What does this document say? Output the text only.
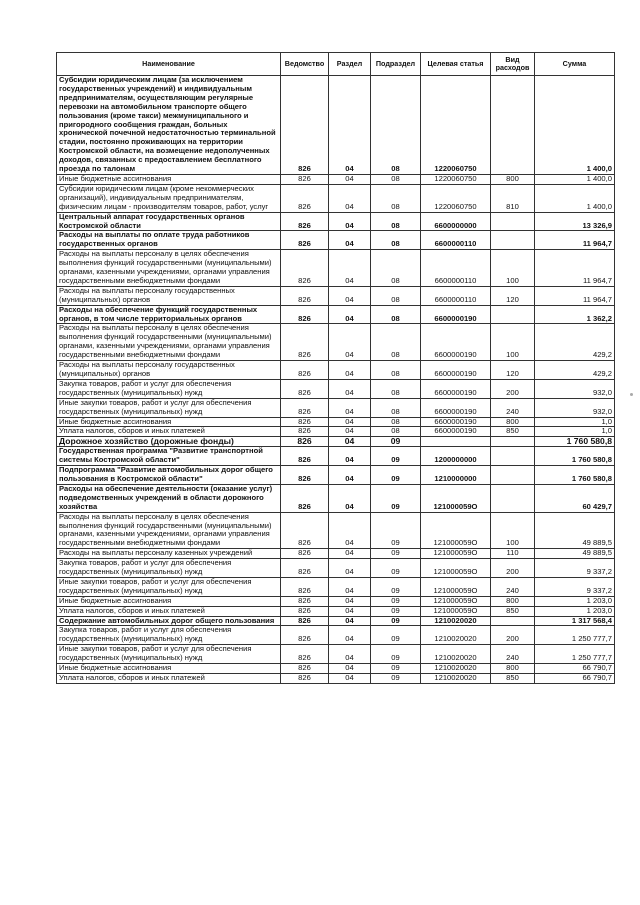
Наименование	Ведомство	Раздел	Подраздел	Целевая статья	Вид расходов	Сумма
Субсидии юридическим лицам (за исключением государственных учреждений) и индивидуальным предпринимателям, осуществляющим регулярные перевозки на автомобильном транспорте общего пользования (кроме такси) межмуниципального и пригородного сообщения граждан, больных хронической почечной недостаточностью терминальной стадии, постоянно проживающих на территории Костромской области, на возмещение недополученных доходов, связанных с предоставлением бесплатного проезда по талонам	826	04	08	1220060750		1 400,0
Иные бюджетные ассигнования	826	04	08	1220060750	800	1 400,0
Субсидии юридическим лицам (кроме некоммерческих организаций), индивидуальным предпринимателям, физическим лицам - производителям товаров, работ, услуг	826	04	08	1220060750	810	1 400,0
Центральный аппарат государственных органов Костромской области	826	04	08	6600000000		13 326,9
Расходы на выплаты по оплате труда работников государственных органов	826	04	08	6600000110		11 964,7
Расходы на выплаты персоналу в целях обеспечения выполнения функций государственными (муниципальными) органами, казенными учреждениями, органами управления государственными внебюджетными фондами	826	04	08	6600000110	100	11 964,7
Расходы на выплаты персоналу государственных (муниципальных) органов	826	04	08	6600000110	120	11 964,7
Расходы на обеспечение функций государственных органов, в том числе территориальных органов	826	04	08	6600000190		1 362,2
Расходы на выплаты персоналу в целях обеспечения выполнения функций государственными (муниципальными) органами, казенными учреждениями, органами управления государственными внебюджетными фондами	826	04	08	6600000190	100	429,2
Расходы на выплаты персоналу государственных (муниципальных) органов	826	04	08	6600000190	120	429,2
Закупка товаров, работ и услуг для обеспечения государственных (муниципальных) нужд	826	04	08	6600000190	200	932,0
Иные закупки товаров, работ и услуг для обеспечения государственных (муниципальных) нужд	826	04	08	6600000190	240	932,0
Иные бюджетные ассигнования	826	04	08	6600000190	800	1,0
Уплата налогов, сборов и иных платежей	826	04	08	6600000190	850	1,0
Дорожное хозяйство (дорожные фонды)	826	04	09			1 760 580,8
Государственная программа "Развитие транспортной системы Костромской области"	826	04	09	1200000000		1 760 580,8
Подпрограмма "Развитие автомобильных дорог общего пользования в Костромской области"	826	04	09	1210000000		1 760 580,8
Расходы на обеспечение деятельности (оказание услуг) подведомственных учреждений в области дорожного хозяйства	826	04	09	121000059О		60 429,7
Расходы на выплаты персоналу в целях обеспечения выполнения функций государственными (муниципальными) органами, казенными учреждениями, органами управления государственными внебюджетными фондами	826	04	09	121000059О	100	49 889,5
Расходы на выплаты персоналу казенных учреждений	826	04	09	121000059О	110	49 889,5
Закупка товаров, работ и услуг для обеспечения государственных (муниципальных) нужд	826	04	09	121000059О	200	9 337,2
Иные закупки товаров, работ и услуг для обеспечения государственных (муниципальных) нужд	826	04	09	121000059О	240	9 337,2
Иные бюджетные ассигнования	826	04	09	121000059О	800	1 203,0
Уплата налогов, сборов и иных платежей	826	04	09	121000059О	850	1 203,0
Содержание автомобильных дорог общего пользования	826	04	09	1210020020		1 317 568,4
Закупка товаров, работ и услуг для обеспечения государственных (муниципальных) нужд	826	04	09	1210020020	200	1 250 777,7
Иные закупки товаров, работ и услуг для обеспечения государственных (муниципальных) нужд	826	04	09	1210020020	240	1 250 777,7
Иные бюджетные ассигнования	826	04	09	1210020020	800	66 790,7
Уплата налогов, сборов и иных платежей	826	04	09	1210020020	850	66 790,7
